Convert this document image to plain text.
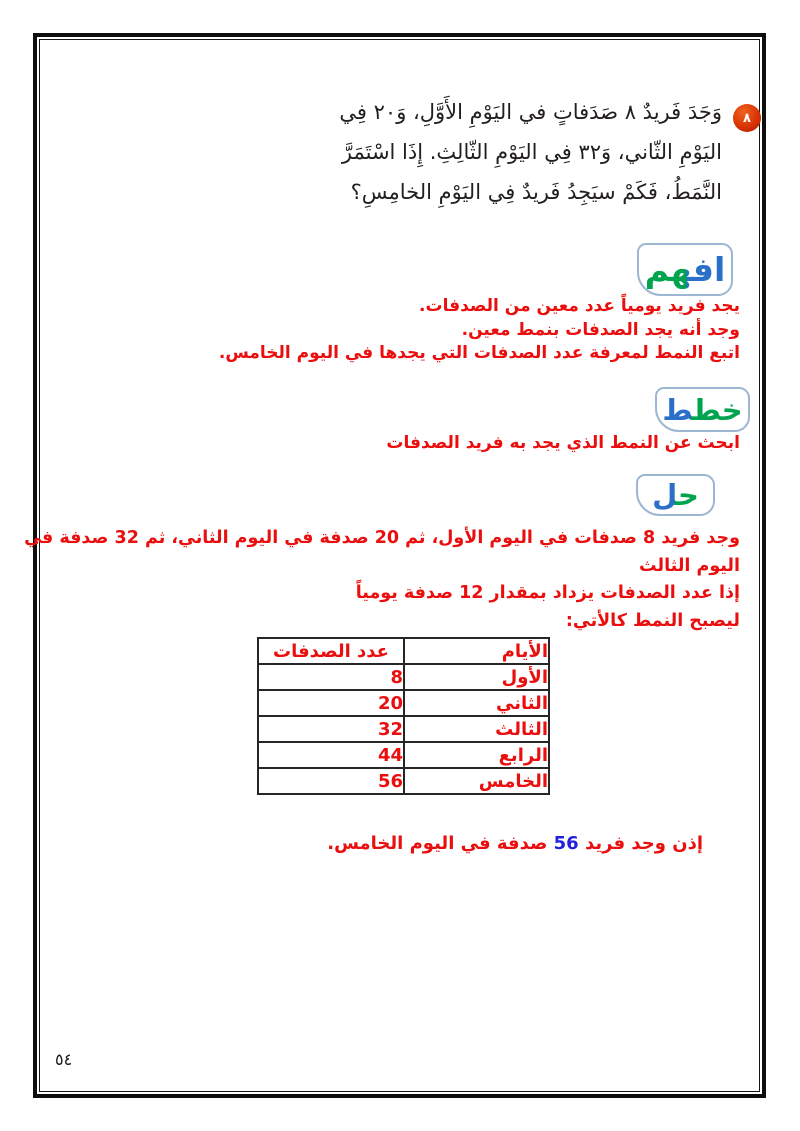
٨
وَجَدَ فَريدٌ ٨ صَدَفاتٍ في اليَوْمِ الأَوَّلِ، وَ٢٠ فِي
اليَوْمِ الثّاني، وَ٣٢ فِي اليَوْمِ الثّالِثِ. إِذَا اسْتَمَرَّ
النَّمَطُ، فَكَمْ سيَجِدُ فَريدٌ فِي اليَوْمِ الخامِسِ؟
افهم
يجد فريد يومياً عدد معين من الصدفات.
وجد أنه يجد الصدفات بنمط معين.
اتبع النمط لمعرفة عدد الصدفات التي يجدها في اليوم الخامس.
خطط
ابحث عن النمط الذي يجد به فريد الصدفات
حل
وجد فريد 8 صدفات في اليوم الأول، ثم 20 صدفة في اليوم الثاني، ثم 32 صدفة في
اليوم الثالث
إذا عدد الصدفات يزداد بمقدار 12 صدفة يومياً
ليصبح النمط كالأتي:
الأيام	عدد الصدفات
الأول	8
الثاني	20
الثالث	32
الرابع	44
الخامس	56
إذن وجد فريد 56 صدفة في اليوم الخامس.
٥٤
